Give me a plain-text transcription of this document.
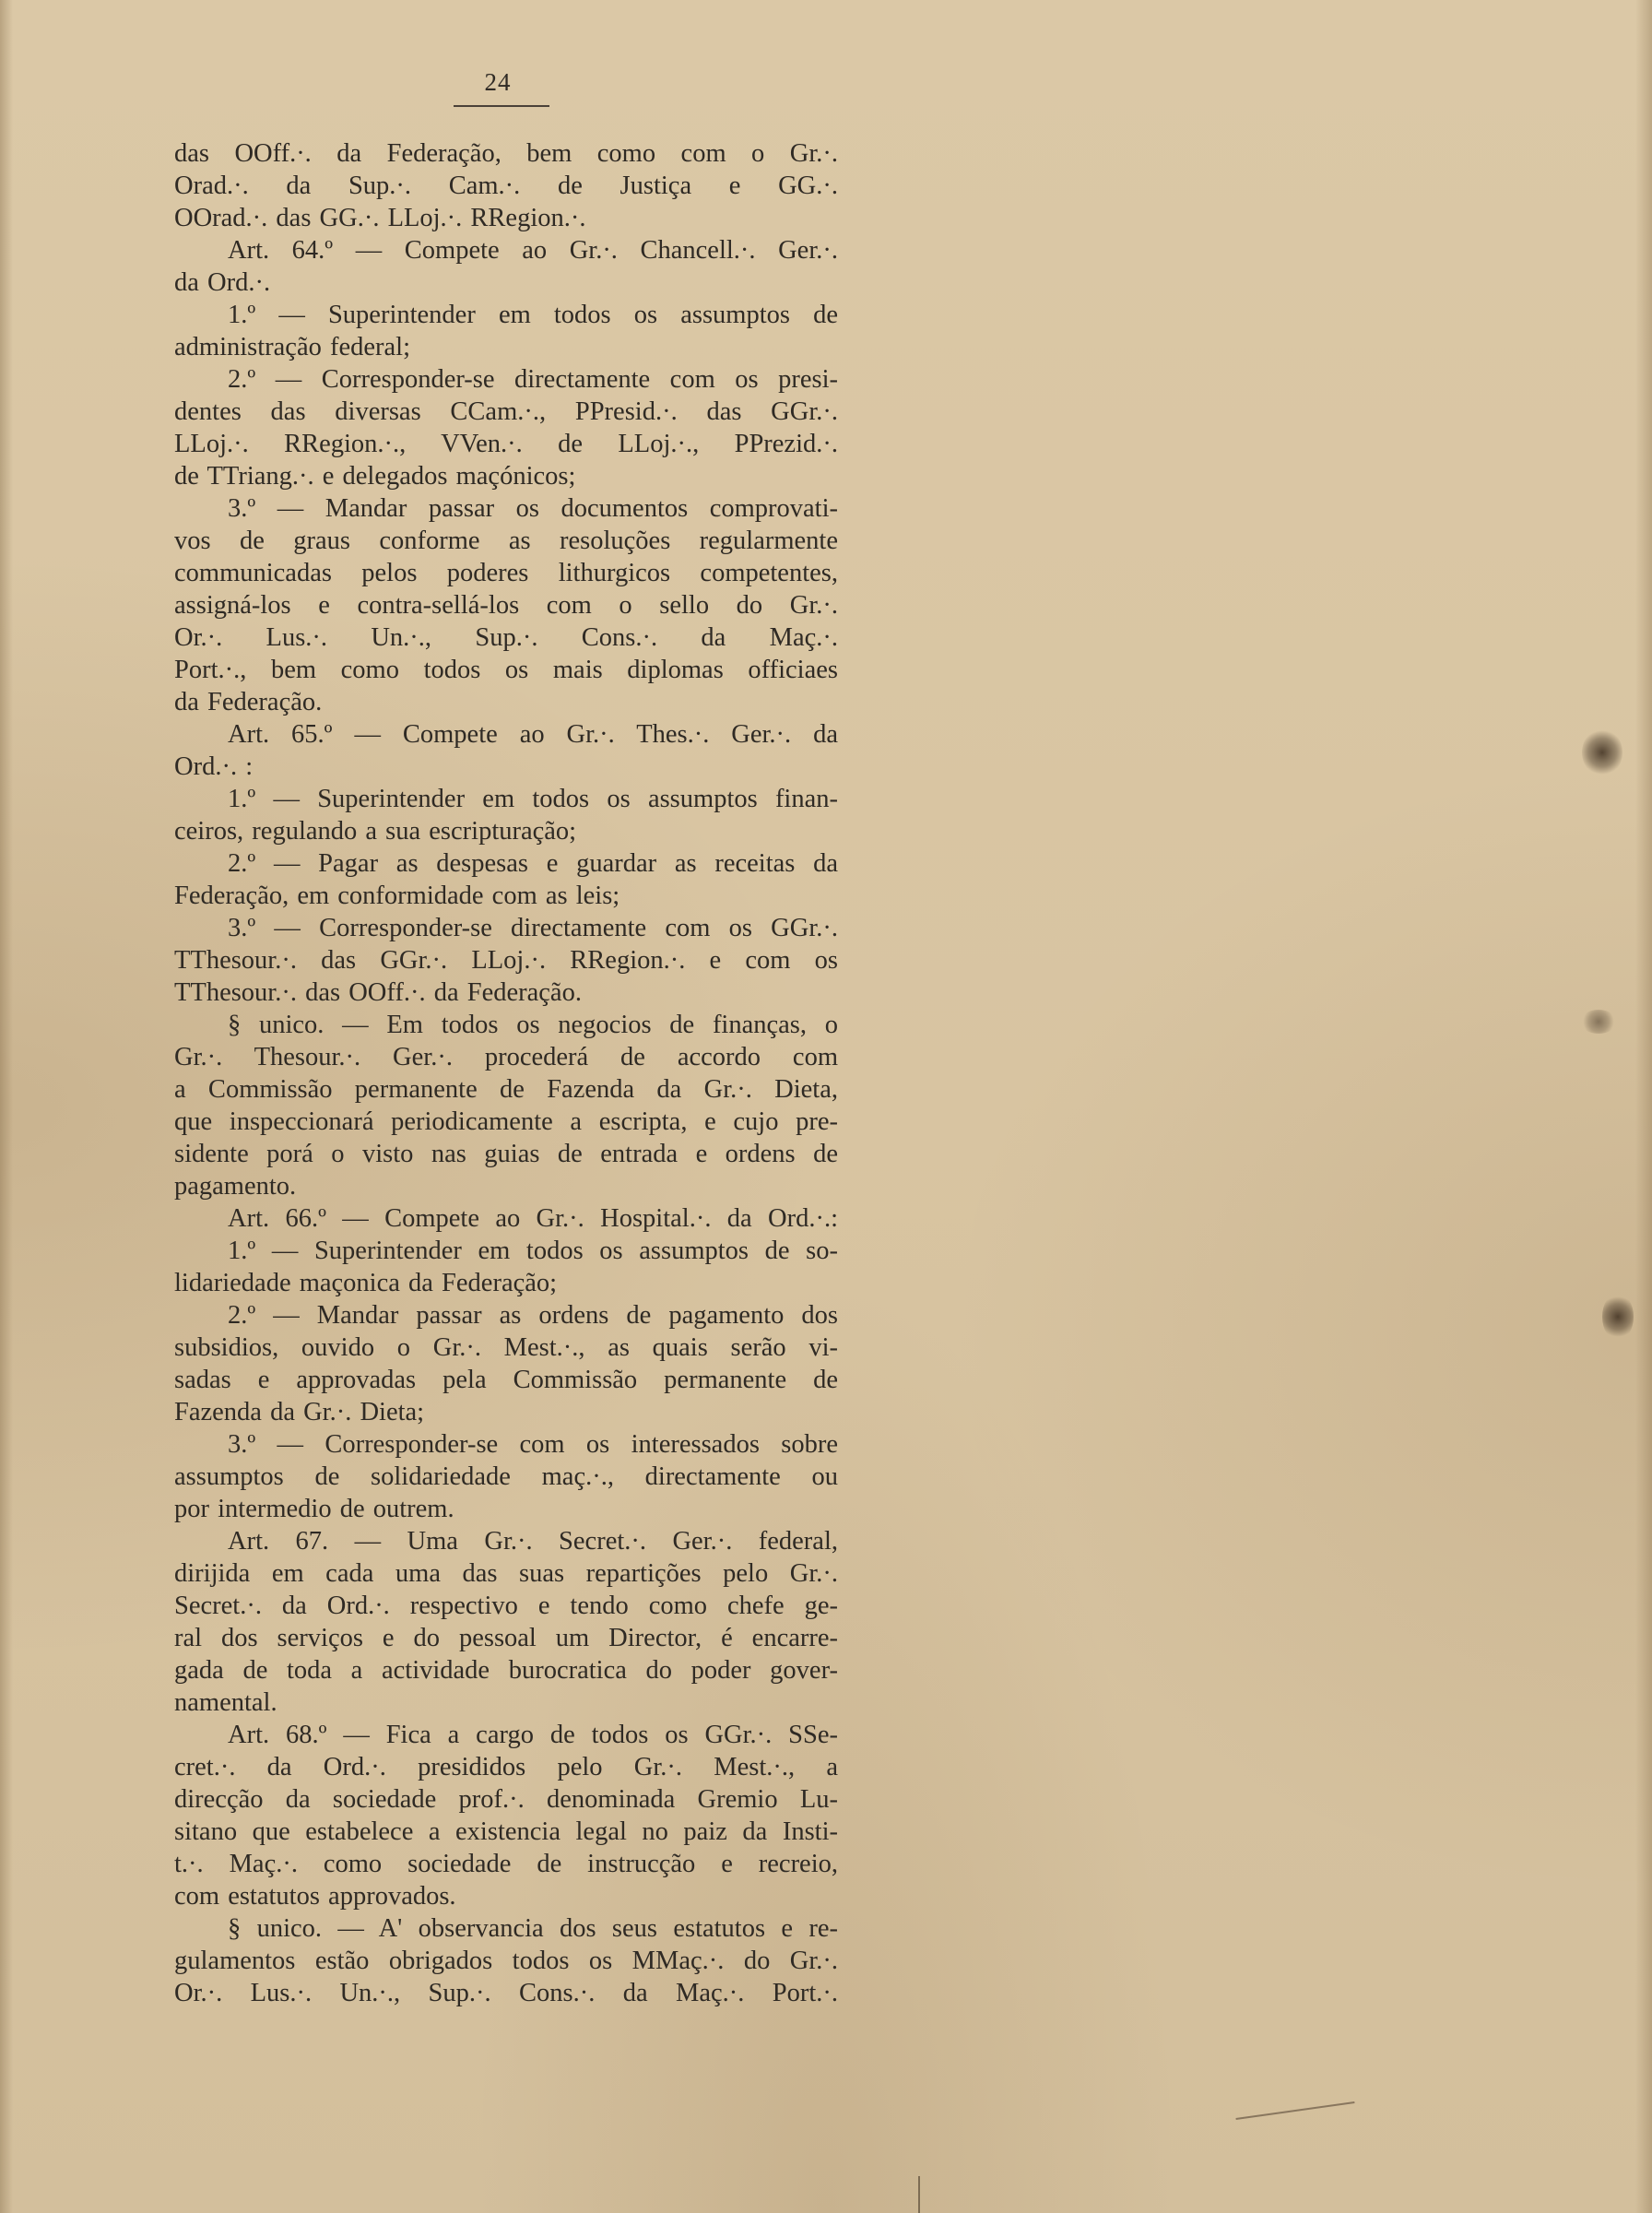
24
das OOff.·. da Federação, bem como com o Gr.·.
Orad.·. da Sup.·. Cam.·. de Justiça e GG.·.
OOrad.·. das GG.·. LLoj.·. RRegion.·.
Art. 64.º — Compete ao Gr.·. Chancell.·. Ger.·.
da Ord.·.
1.º — Superintender em todos os assumptos de
administração federal;
2.º — Corresponder-se directamente com os presi-
dentes das diversas CCam.·., PPresid.·. das GGr.·.
LLoj.·. RRegion.·., VVen.·. de LLoj.·., PPrezid.·.
de TTriang.·. e delegados maçónicos;
3.º — Mandar passar os documentos comprovati-
vos de graus conforme as resoluções regularmente
communicadas pelos poderes lithurgicos competentes,
assigná-los e contra-sellá-los com o sello do Gr.·.
Or.·. Lus.·. Un.·., Sup.·. Cons.·. da Maç.·.
Port.·., bem como todos os mais diplomas officiaes
da Federação.
Art. 65.º — Compete ao Gr.·. Thes.·. Ger.·. da
Ord.·. :
1.º — Superintender em todos os assumptos finan-
ceiros, regulando a sua escripturação;
2.º — Pagar as despesas e guardar as receitas da
Federação, em conformidade com as leis;
3.º — Corresponder-se directamente com os GGr.·.
TThesour.·. das GGr.·. LLoj.·. RRegion.·. e com os
TThesour.·. das OOff.·. da Federação.
§ unico. — Em todos os negocios de finanças, o
Gr.·. Thesour.·. Ger.·. procederá de accordo com
a Commissão permanente de Fazenda da Gr.·. Dieta,
que inspeccionará periodicamente a escripta, e cujo pre-
sidente porá o visto nas guias de entrada e ordens de
pagamento.
Art. 66.º — Compete ao Gr.·. Hospital.·. da Ord.·.:
1.º — Superintender em todos os assumptos de so-
lidariedade maçonica da Federação;
2.º — Mandar passar as ordens de pagamento dos
subsidios, ouvido o Gr.·. Mest.·., as quais serão vi-
sadas e approvadas pela Commissão permanente de
Fazenda da Gr.·. Dieta;
3.º — Corresponder-se com os interessados sobre
assumptos de solidariedade maç.·., directamente ou
por intermedio de outrem.
Art. 67. — Uma Gr.·. Secret.·. Ger.·. federal,
dirijida em cada uma das suas repartições pelo Gr.·.
Secret.·. da Ord.·. respectivo e tendo como chefe ge-
ral dos serviços e do pessoal um Director, é encarre-
gada de toda a actividade burocratica do poder gover-
namental.
Art. 68.º — Fica a cargo de todos os GGr.·. SSe-
cret.·. da Ord.·. presididos pelo Gr.·. Mest.·., a
direcção da sociedade prof.·. denominada Gremio Lu-
sitano que estabelece a existencia legal no paiz da Insti-
t.·. Maç.·. como sociedade de instrucção e recreio,
com estatutos approvados.
§ unico. — A' observancia dos seus estatutos e re-
gulamentos estão obrigados todos os MMaç.·. do Gr.·.
Or.·. Lus.·. Un.·., Sup.·. Cons.·. da Maç.·. Port.·.
